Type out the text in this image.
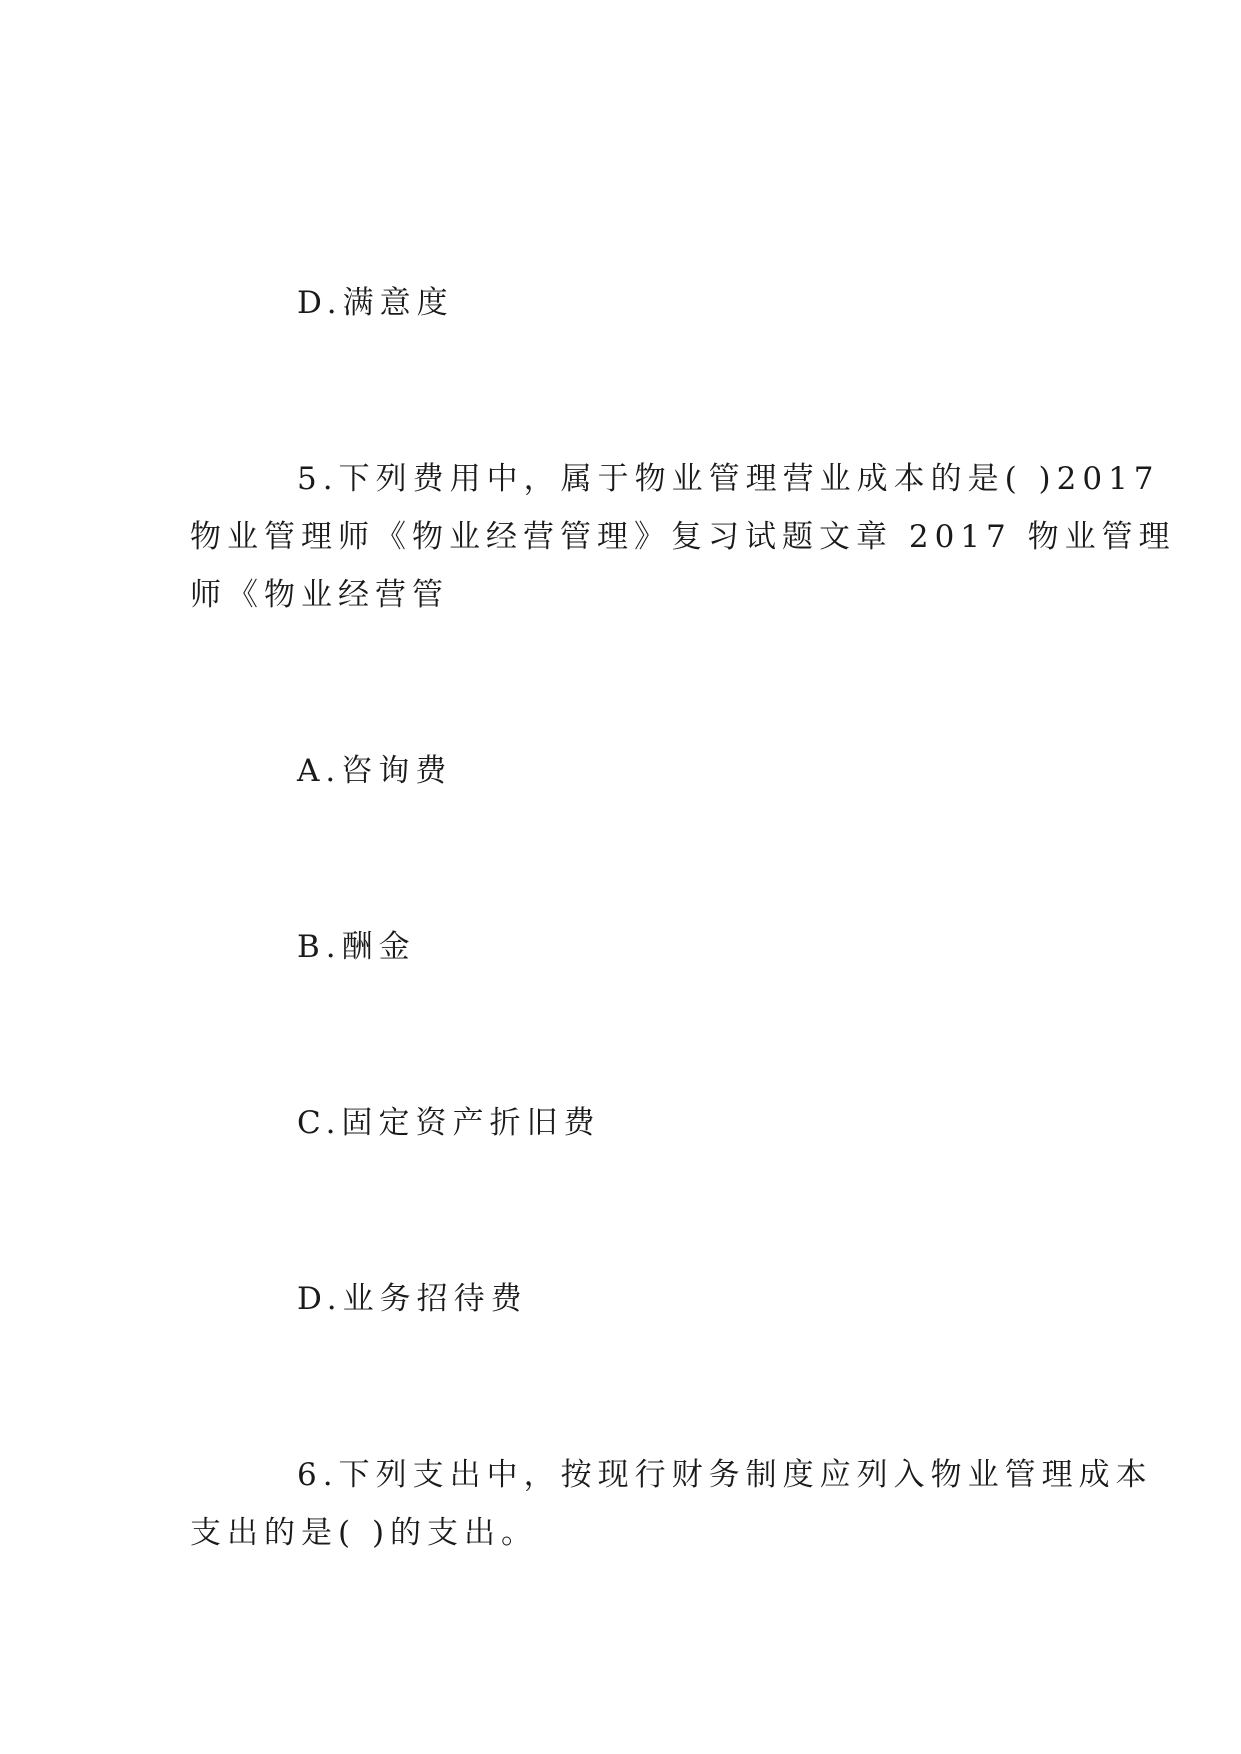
D.满意度
5.下列费用中，属于物业管理营业成本的是( )2017
物业管理师《物业经营管理》复习试题文章 2017 物业管理
师《物业经营管
A.咨询费
B.酬金
C.固定资产折旧费
D.业务招待费
6.下列支出中，按现行财务制度应列入物业管理成本
支出的是( )的支出。
